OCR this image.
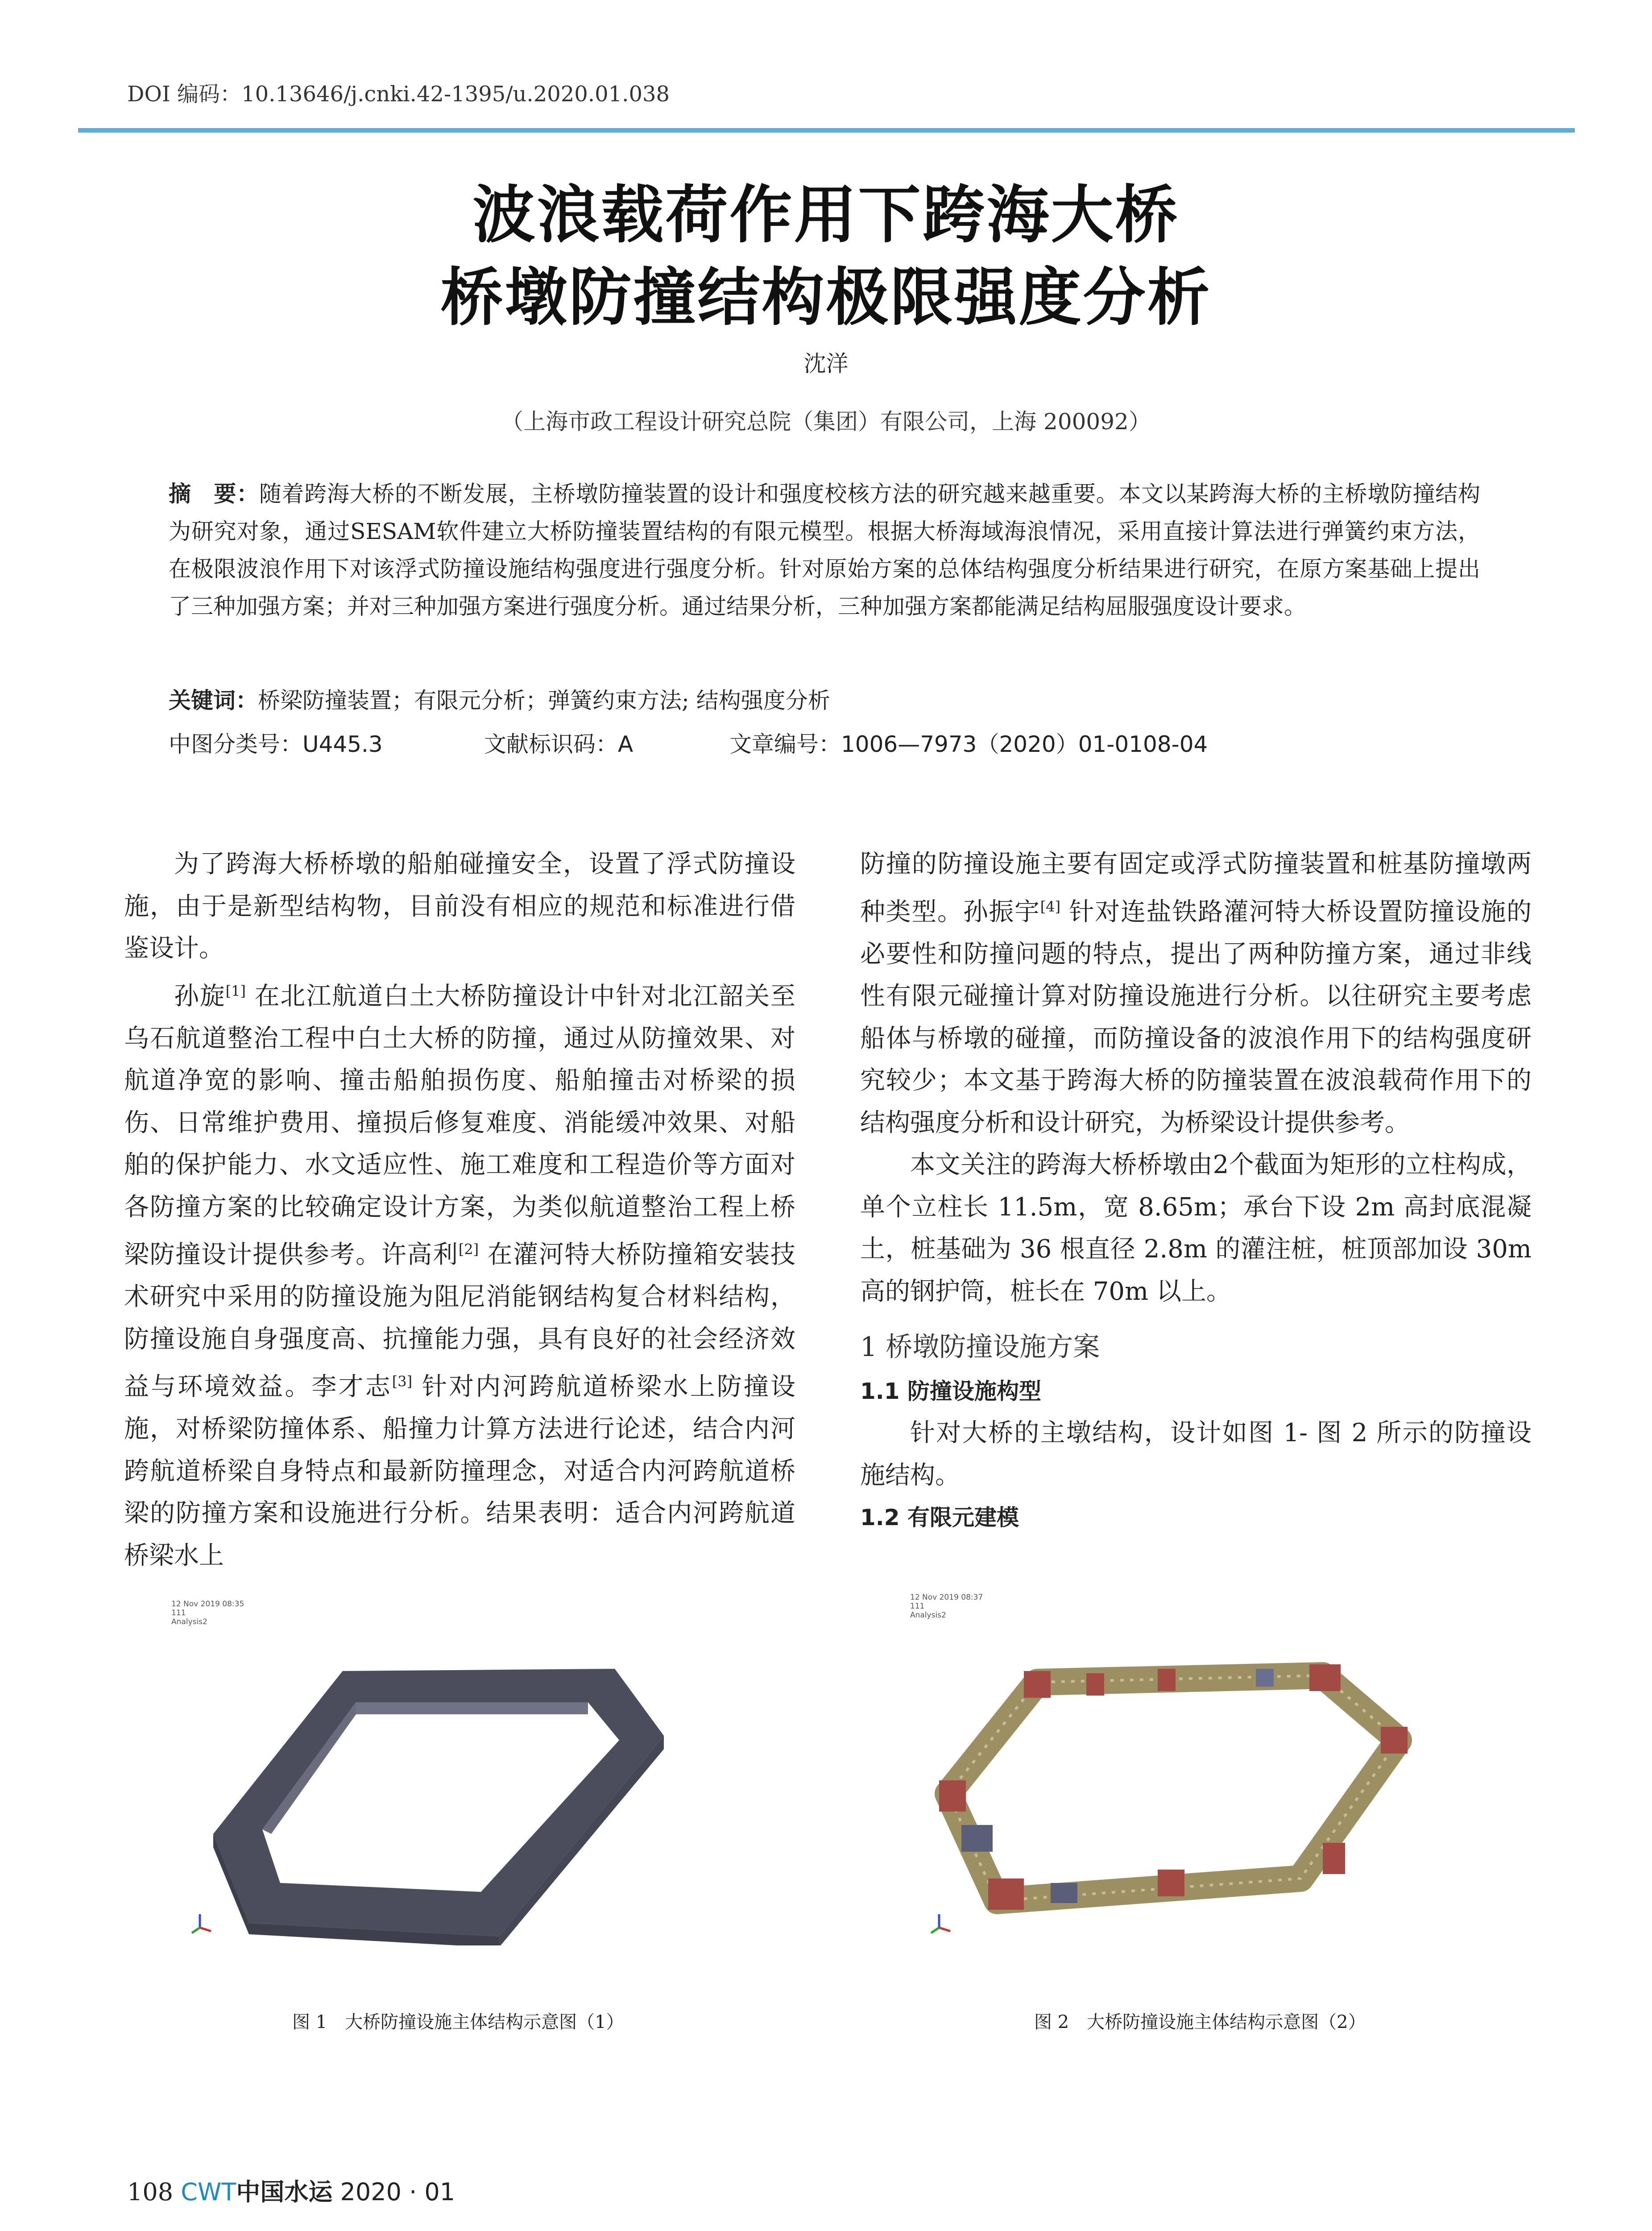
DOI 编码：10.13646/j.cnki.42-1395/u.2020.01.038
波浪载荷作用下跨海大桥
桥墩防撞结构极限强度分析
沈洋
（上海市政工程设计研究总院（集团）有限公司，上海 200092）
摘　要：随着跨海大桥的不断发展，主桥墩防撞装置的设计和强度校核方法的研究越来越重要。本文以某跨海大桥的主桥墩防撞结构为研究对象，通过SESAM软件建立大桥防撞装置结构的有限元模型。根据大桥海域海浪情况，采用直接计算法进行弹簧约束方法，在极限波浪作用下对该浮式防撞设施结构强度进行强度分析。针对原始方案的总体结构强度分析结果进行研究，在原方案基础上提出了三种加强方案；并对三种加强方案进行强度分析。通过结果分析，三种加强方案都能满足结构屈服强度设计要求。
关键词：桥梁防撞装置；有限元分析；弹簧约束方法; 结构强度分析
中图分类号：U445.3	文献标识码：A	文章编号：1006—7973（2020）01-0108-04

为了跨海大桥桥墩的船舶碰撞安全，设置了浮式防撞设施，由于是新型结构物，目前没有相应的规范和标准进行借鉴设计。

孙旋[1] 在北江航道白土大桥防撞设计中针对北江韶关至乌石航道整治工程中白土大桥的防撞，通过从防撞效果、对航道净宽的影响、撞击船舶损伤度、船舶撞击对桥梁的损伤、日常维护费用、撞损后修复难度、消能缓冲效果、对船舶的保护能力、水文适应性、施工难度和工程造价等方面对各防撞方案的比较确定设计方案，为类似航道整治工程上桥梁防撞设计提供参考。许高利[2] 在灌河特大桥防撞箱安装技术研究中采用的防撞设施为阻尼消能钢结构复合材料结构，防撞设施自身强度高、抗撞能力强，具有良好的社会经济效益与环境效益。李才志[3] 针对内河跨航道桥梁水上防撞设施，对桥梁防撞体系、船撞力计算方法进行论述，结合内河跨航道桥梁自身特点和最新防撞理念，对适合内河跨航道桥梁的防撞方案和设施进行分析。结果表明：适合内河跨航道桥梁水上

防撞的防撞设施主要有固定或浮式防撞装置和桩基防撞墩两种类型。孙振宇[4] 针对连盐铁路灌河特大桥设置防撞设施的必要性和防撞问题的特点，提出了两种防撞方案，通过非线性有限元碰撞计算对防撞设施进行分析。以往研究主要考虑船体与桥墩的碰撞，而防撞设备的波浪作用下的结构强度研究较少；本文基于跨海大桥的防撞装置在波浪载荷作用下的结构强度分析和设计研究，为桥梁设计提供参考。

本文关注的跨海大桥桥墩由2个截面为矩形的立柱构成，单个立柱长 11.5m，宽 8.65m；承台下设 2m 高封底混凝土，桩基础为 36 根直径 2.8m 的灌注桩，桩顶部加设 30m 高的钢护筒，桩长在 70m 以上。

1 桥墩防撞设施方案
1.1 防撞设施构型

针对大桥的主墩结构，设计如图 1- 图 2 所示的防撞设施结构。

1.2 有限元建模
12 Nov 2019 08:35
111
Analysis2
图 1　大桥防撞设施主体结构示意图（1）
12 Nov 2019 08:37
111
Analysis2
图 2　大桥防撞设施主体结构示意图（2）
108 CWT中国水运 2020 · 01
